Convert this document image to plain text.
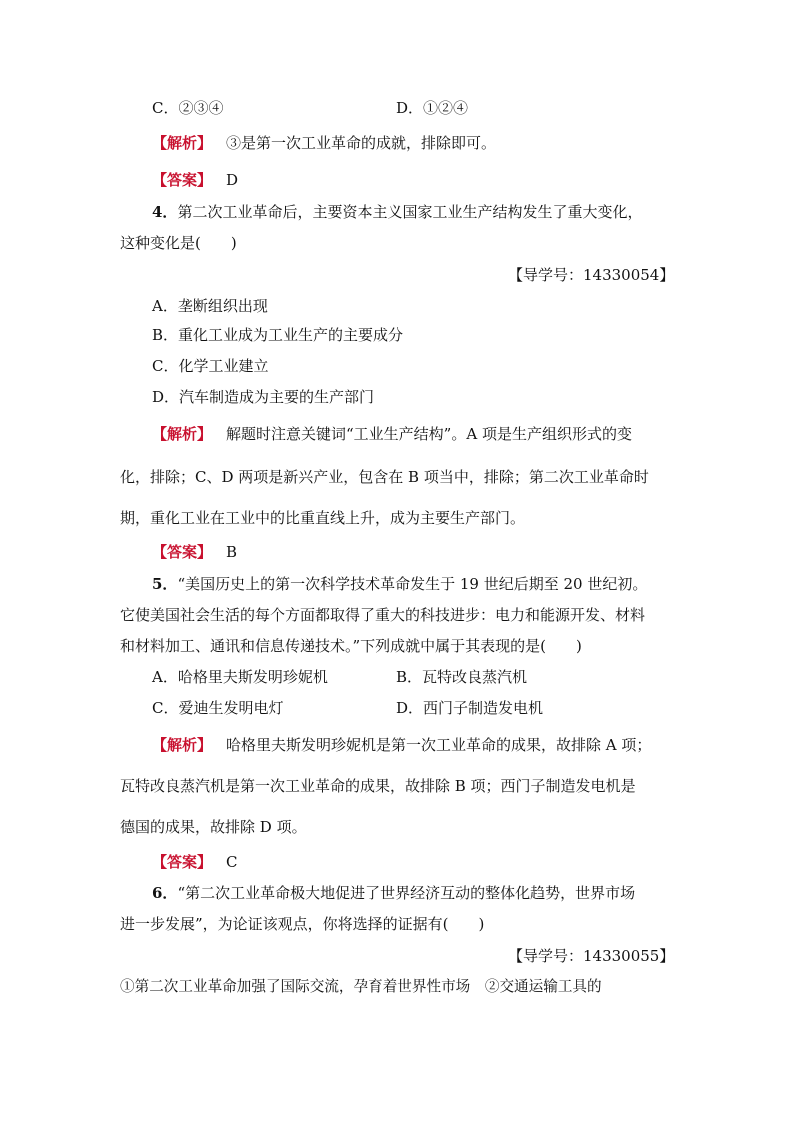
C．②③④	D．①②④
【解析】 ③是第一次工业革命的成就，排除即可。
【答案】 D
4．第二次工业革命后，主要资本主义国家工业生产结构发生了重大变化，
这种变化是(　　)
【导学号：14330054】
A．垄断组织出现
B．重化工业成为工业生产的主要成分
C．化学工业建立
D．汽车制造成为主要的生产部门
【解析】 解题时注意关键词“工业生产结构”。A 项是生产组织形式的变
化，排除；C、D 两项是新兴产业，包含在 B 项当中，排除；第二次工业革命时
期，重化工业在工业中的比重直线上升，成为主要生产部门。
【答案】 B
5．“美国历史上的第一次科学技术革命发生于 19 世纪后期至 20 世纪初。
它使美国社会生活的每个方面都取得了重大的科技进步：电力和能源开发、材料
和材料加工、通讯和信息传递技术。”下列成就中属于其表现的是(　　)
A．哈格里夫斯发明珍妮机	B．瓦特改良蒸汽机
C．爱迪生发明电灯	D．西门子制造发电机
【解析】 哈格里夫斯发明珍妮机是第一次工业革命的成果，故排除 A 项；
瓦特改良蒸汽机是第一次工业革命的成果，故排除 B 项；西门子制造发电机是
德国的成果，故排除 D 项。
【答案】 C
6．“第二次工业革命极大地促进了世界经济互动的整体化趋势，世界市场
进一步发展”，为论证该观点，你将选择的证据有(　　)
【导学号：14330055】
①第二次工业革命加强了国际交流，孕育着世界性市场　②交通运输工具的
